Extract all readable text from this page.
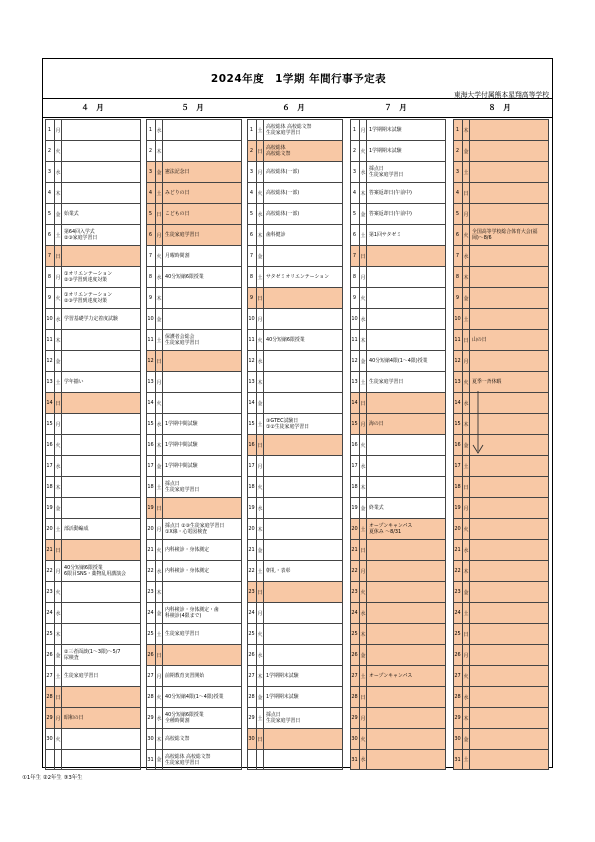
2024年度　1学期 年間行事予定表
東海大学付属熊本星翔高等学校
４　月	５　月	６　月	７　月	８　月
1 月
2 火
3 水
4 木
5 金 始業式
6 土
第64回入学式
②③家庭学習日
7 日
8 月
①オリエンテーション
②③学習到達度対策
9 火
①オリエンテーション
②③学習到達度対策
10 水 学習基礎学力定着度試験
11 木
12 金
13 土 学年揃い
14 日
15 月
16 火
17 水
18 木
19 金
20 土 部活動編成
21 日
22 月
40分短縮6限授業
6限目SNS・薬物乱用講演会
23 火
24 水
25 木
26 金
②三者面談(1〜3限)〜5/7
尿検査
27 土 生徒家庭学習日
28 日
29 月 昭和の日
30 火
1 水
2 木
3 金 憲法記念日
4 土 みどりの日
5 日 こどもの日
6 月 生徒家庭学習日
7 火 月曜時間割
8 水 40分短縮6限授業
9 木
10 金
11 土
保護者会総会
生徒家庭学習日
12 日
13 月
14 火
15 水 1学期中間試験
16 木 1学期中間試験
17 金 1学期中間試験
18 土
採点日
生徒家庭学習日
19 日
20 月
採点日 ②③生徒家庭学習日
①X線・心電図検査
21 火 内科検診・身体測定
22 水 内科検診・身体測定
23 木
24 金
内科検診・身体測定・歯
科検診(4限まで)
25 土 生徒家庭学習日
26 日
27 月 前期教育実習開始
28 火 40分短縮4限(1〜4限)授業
29 水
40分短縮6限授業
全種時間割
30 木 高校総文祭
31 金
高校総体 高校総文祭
生徒家庭学習日
1 土
高校総体 高校総文祭
生徒家庭学習日
2 日
高校総体
高校総文祭
3 月 高校総体(一部)
4 火 高校総体(一部)
5 水 高校総体(一部)
6 木 歯科健診
7 金
8 土 サタゼミオリエンテーション
9 日
10 月
11 火 40分短縮6限授業
12 水
13 木
14 金
15 土
③GTEC試験日
①②生徒家庭学習日
16 日
17 月
18 火
19 水
20 木
21 金
22 土 朝礼・表彰
23 日
24 月
25 火
26 水
27 木 1学期期末試験
28 金 1学期期末試験
29 土
採点日
生徒家庭学習日
30 日
1 月 1学期期末試験
2 火 1学期期末試験
3 水
採点日
生徒家庭学習日
4 木 答案返却日(午前中)
5 金 答案返却日(午前中)
6 土 第1回サタゼミ
7 日
8 月
9 火
10 水
11 木
12 金 40分短縮4限(1〜4限)授業
13 土 生徒家庭学習日
14 日
15 月 海の日
16 火
17 水
18 木
19 金 終業式
20 土
オープンキャンパス
夏休み 〜8/31
21 日
22 月
23 火
24 水
25 木
26 金
27 土 オープンキャンパス
28 日
29 月
30 火
31 水
1 木
2 金
3 土
4 日
5 月
6 火
全国高等学校総合体育大会(福岡)〜8/6
7 水
8 木
9 金
10 土
11 日 山の日
12 月
13 火 夏季一斉休暇
14 水
15 木
16 金
17 土
18 日
19 月
20 火
21 水
22 木
23 金
24 土
25 日
26 月
27 火
28 水
29 木
30 金
31 土
①1年生 ②2年生 ③3年生
